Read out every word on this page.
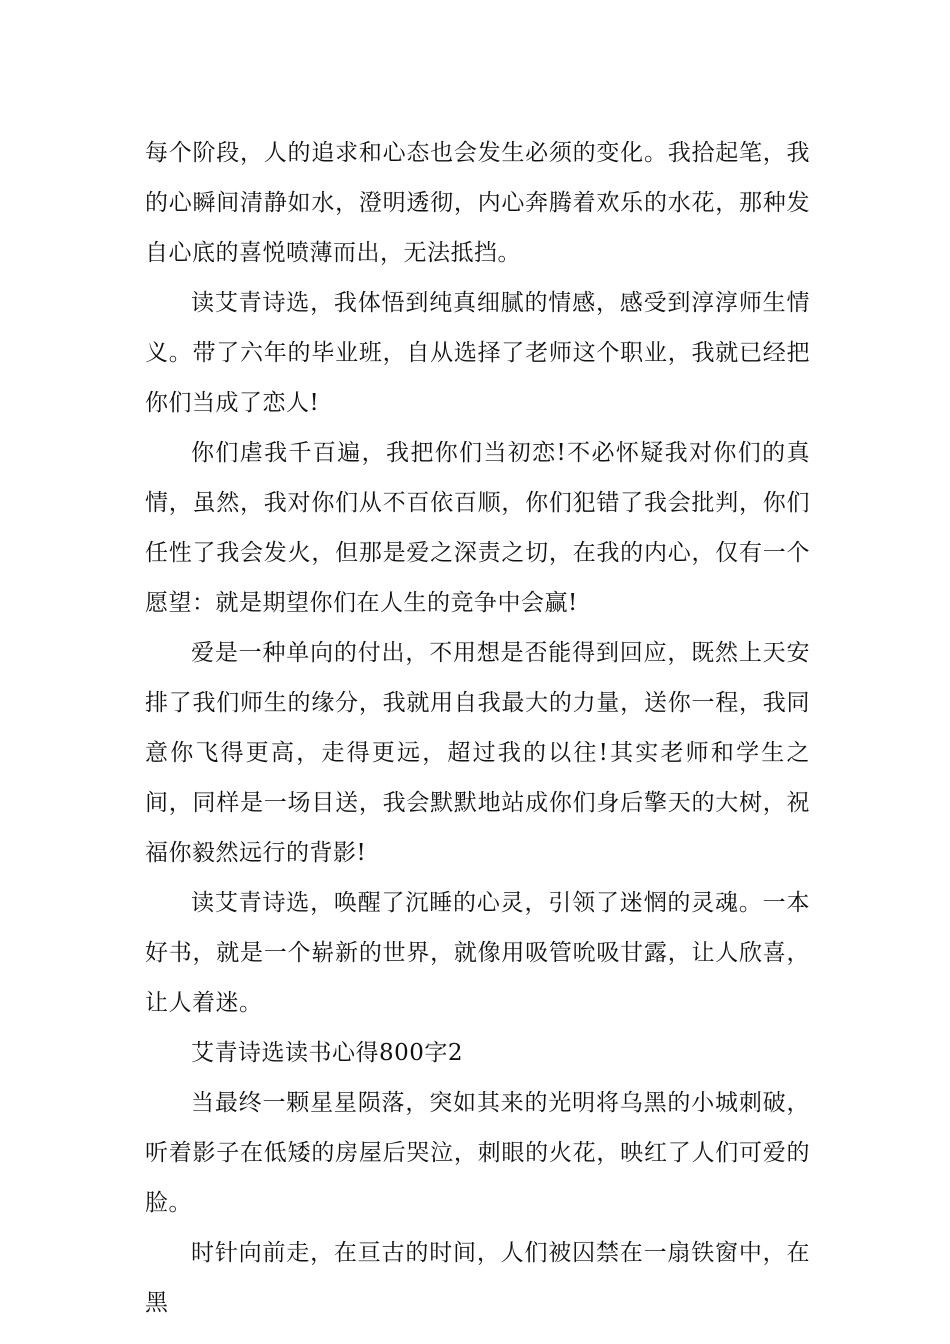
每个阶段，人的追求和心态也会发生必须的变化。我拾起笔，我的心瞬间清静如水，澄明透彻，内心奔腾着欢乐的水花，那种发自心底的喜悦喷薄而出，无法抵挡。

读艾青诗选，我体悟到纯真细腻的情感，感受到淳淳师生情义。带了六年的毕业班，自从选择了老师这个职业，我就已经把你们当成了恋人!

你们虐我千百遍，我把你们当初恋!不必怀疑我对你们的真情，虽然，我对你们从不百依百顺，你们犯错了我会批判，你们任性了我会发火，但那是爱之深责之切，在我的内心，仅有一个愿望：就是期望你们在人生的竞争中会赢!

爱是一种单向的付出，不用想是否能得到回应，既然上天安排了我们师生的缘分，我就用自我最大的力量，送你一程，我同意你飞得更高，走得更远，超过我的以往!其实老师和学生之间，同样是一场目送，我会默默地站成你们身后擎天的大树，祝福你毅然远行的背影!

读艾青诗选，唤醒了沉睡的心灵，引领了迷惘的灵魂。一本好书，就是一个崭新的世界，就像用吸管吮吸甘露，让人欣喜，让人着迷。

艾青诗选读书心得800字2

当最终一颗星星陨落，突如其来的光明将乌黑的小城刺破，听着影子在低矮的房屋后哭泣，刺眼的火花，映红了人们可爱的脸。

时针向前走，在亘古的时间，人们被囚禁在一扇铁窗中，在黑
